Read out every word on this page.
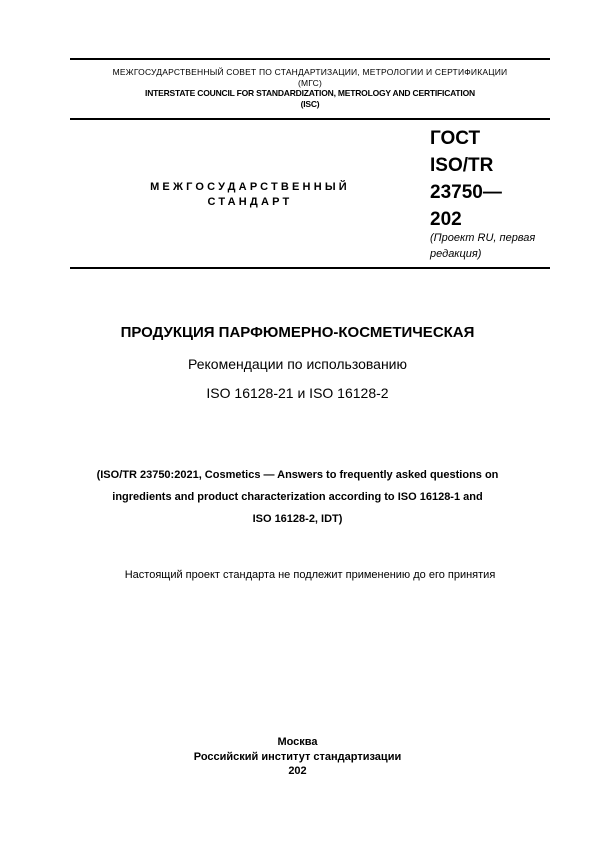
МЕЖГОСУДАРСТВЕННЫЙ СОВЕТ ПО СТАНДАРТИЗАЦИИ, МЕТРОЛОГИИ И СЕРТИФИКАЦИИ
(МГС)
INTERSTATE COUNCIL FOR STANDARDIZATION, METROLOGY AND CERTIFICATION
(ISC)
МЕЖГОСУДАРСТВЕННЫЙ
СТАНДАРТ
ГОСТ
ISO/TR
23750—
202
(Проект RU, первая редакция)
ПРОДУКЦИЯ ПАРФЮМЕРНО-КОСМЕТИЧЕСКАЯ
Рекомендации по использованию
ISO 16128-21 и ISO 16128-2
(ISO/TR 23750:2021, Cosmetics — Answers to frequently asked questions on
ingredients and product characterization according to ISO 16128-1 and
ISO 16128-2, IDT)
Настоящий проект стандарта не подлежит применению до его принятия
Москва
Российский институт стандартизации
202
